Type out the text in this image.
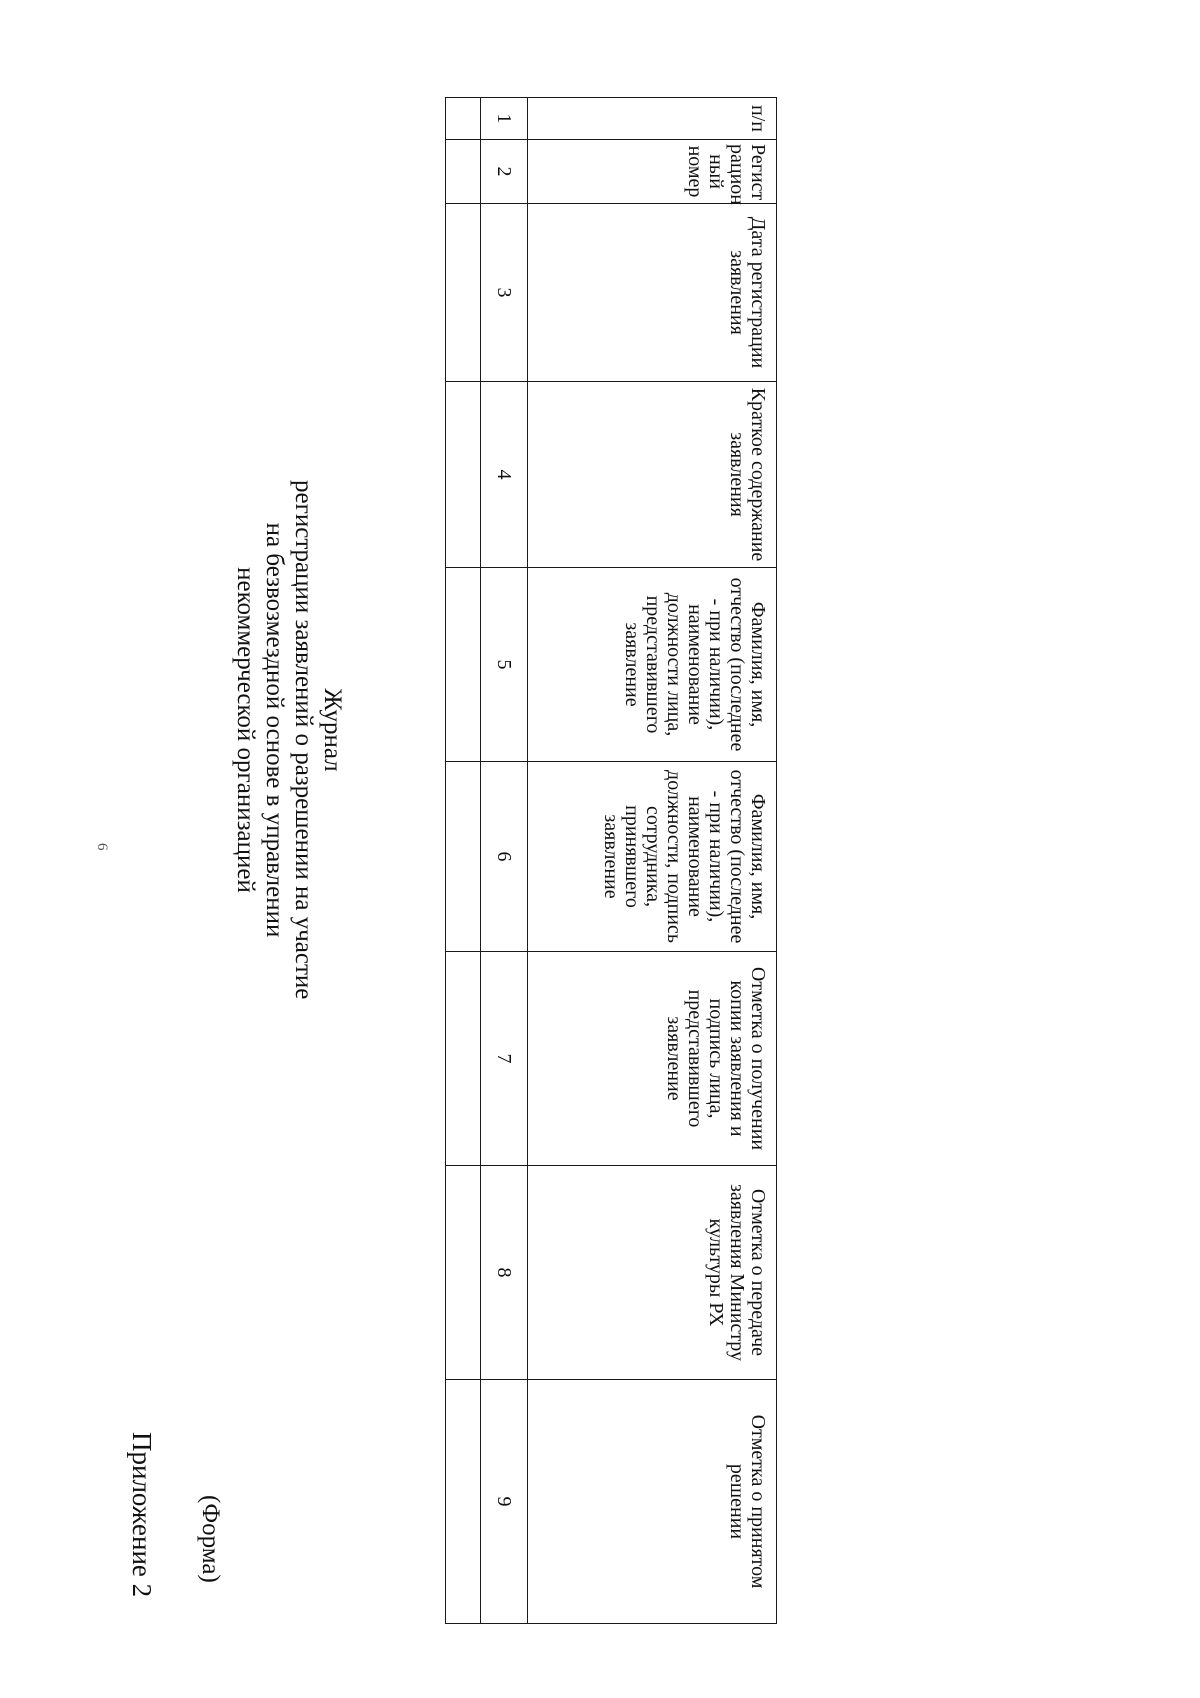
6
Приложение 2 (Форма)
Журнал
регистрации заявлений о разрешении на участие
на безвозмездной основе в управлении
некоммерческой организацией
п/п	Регист рацион ный номер	Дата регистрации заявления	Краткое содержание заявления	Фамилия, имя, отчество (последнее - при наличии), наименование должности лица, представившего заявление	Фамилия, имя, отчество (последнее - при наличии), наименование должности, подпись сотрудника, принявшего заявление	Отметка о получении копии заявления и подпись лица, представившего заявление	Отметка о передаче заявления Министру культуры РХ	Отметка о принятом решении

1	2	3	4	5	6	7	8	9
